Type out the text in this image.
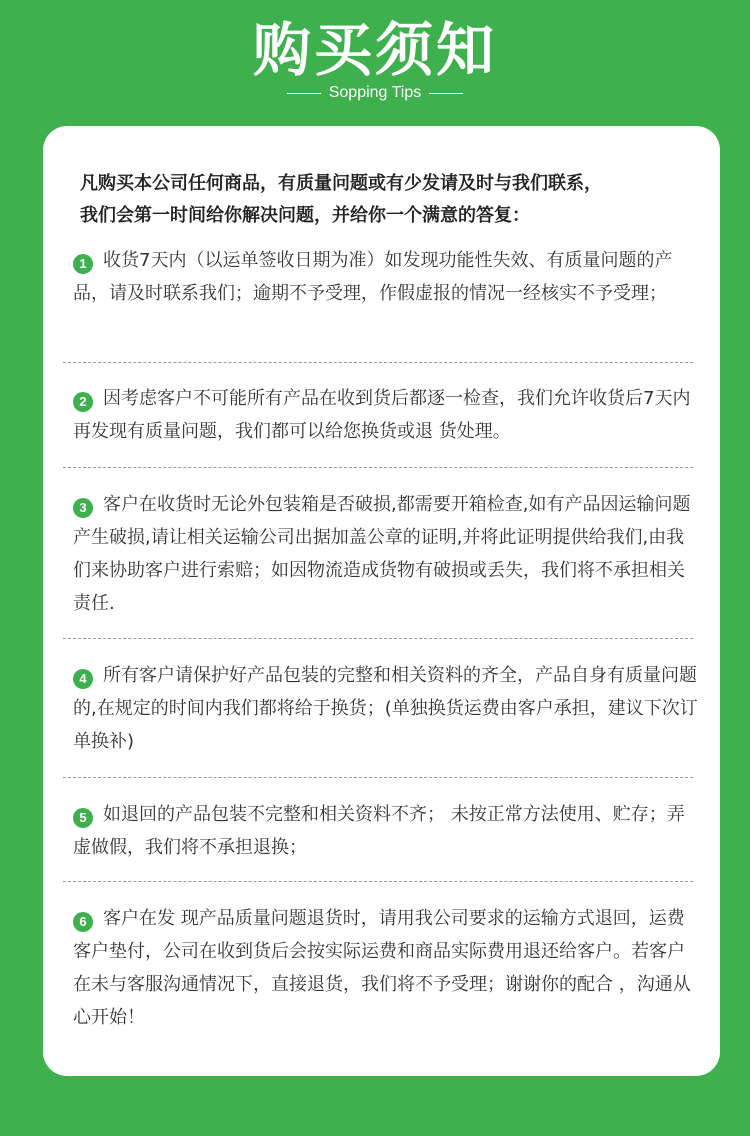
购买须知
Sopping Tips
凡购买本公司任何商品，有质量问题或有少发请及时与我们联系，
我们会第一时间给你解决问题，并给你一个满意的答复：
1 收货7天内（以运单签收日期为准）如发现功能性失效、有质量问题的产品，请及时联系我们；逾期不予受理，作假虚报的情况一经核实不予受理；
2 因考虑客户不可能所有产品在收到货后都逐一检查，我们允许收货后7天内再发现有质量问题，我们都可以给您换货或退 货处理。
3 客户在收货时无论外包装箱是否破损,都需要开箱检查,如有产品因运输问题 产生破损,请让相关运输公司出据加盖公章的证明,并将此证明提供给我们,由我们来协助客户进行索赔；如因物流造成货物有破损或丢失，我们将不承担相关责任.
4 所有客户请保护好产品包装的完整和相关资料的齐全，产品自身有质量问题的,在规定的时间内我们都将给于换货；(单独换货运费由客户承担，建议下次订单换补)
5 如退回的产品包装不完整和相关资料不齐； 未按正常方法使用、贮存；弄虚做假，我们将不承担退换；
6 客户在发 现产品质量问题退货时，请用我公司要求的运输方式退回，运费客户垫付，公司在收到货后会按实际运费和商品实际费用退还给客户。若客户在未与客服沟通情况下，直接退货，我们将不予受理；谢谢你的配合 ，沟通从心开始！
